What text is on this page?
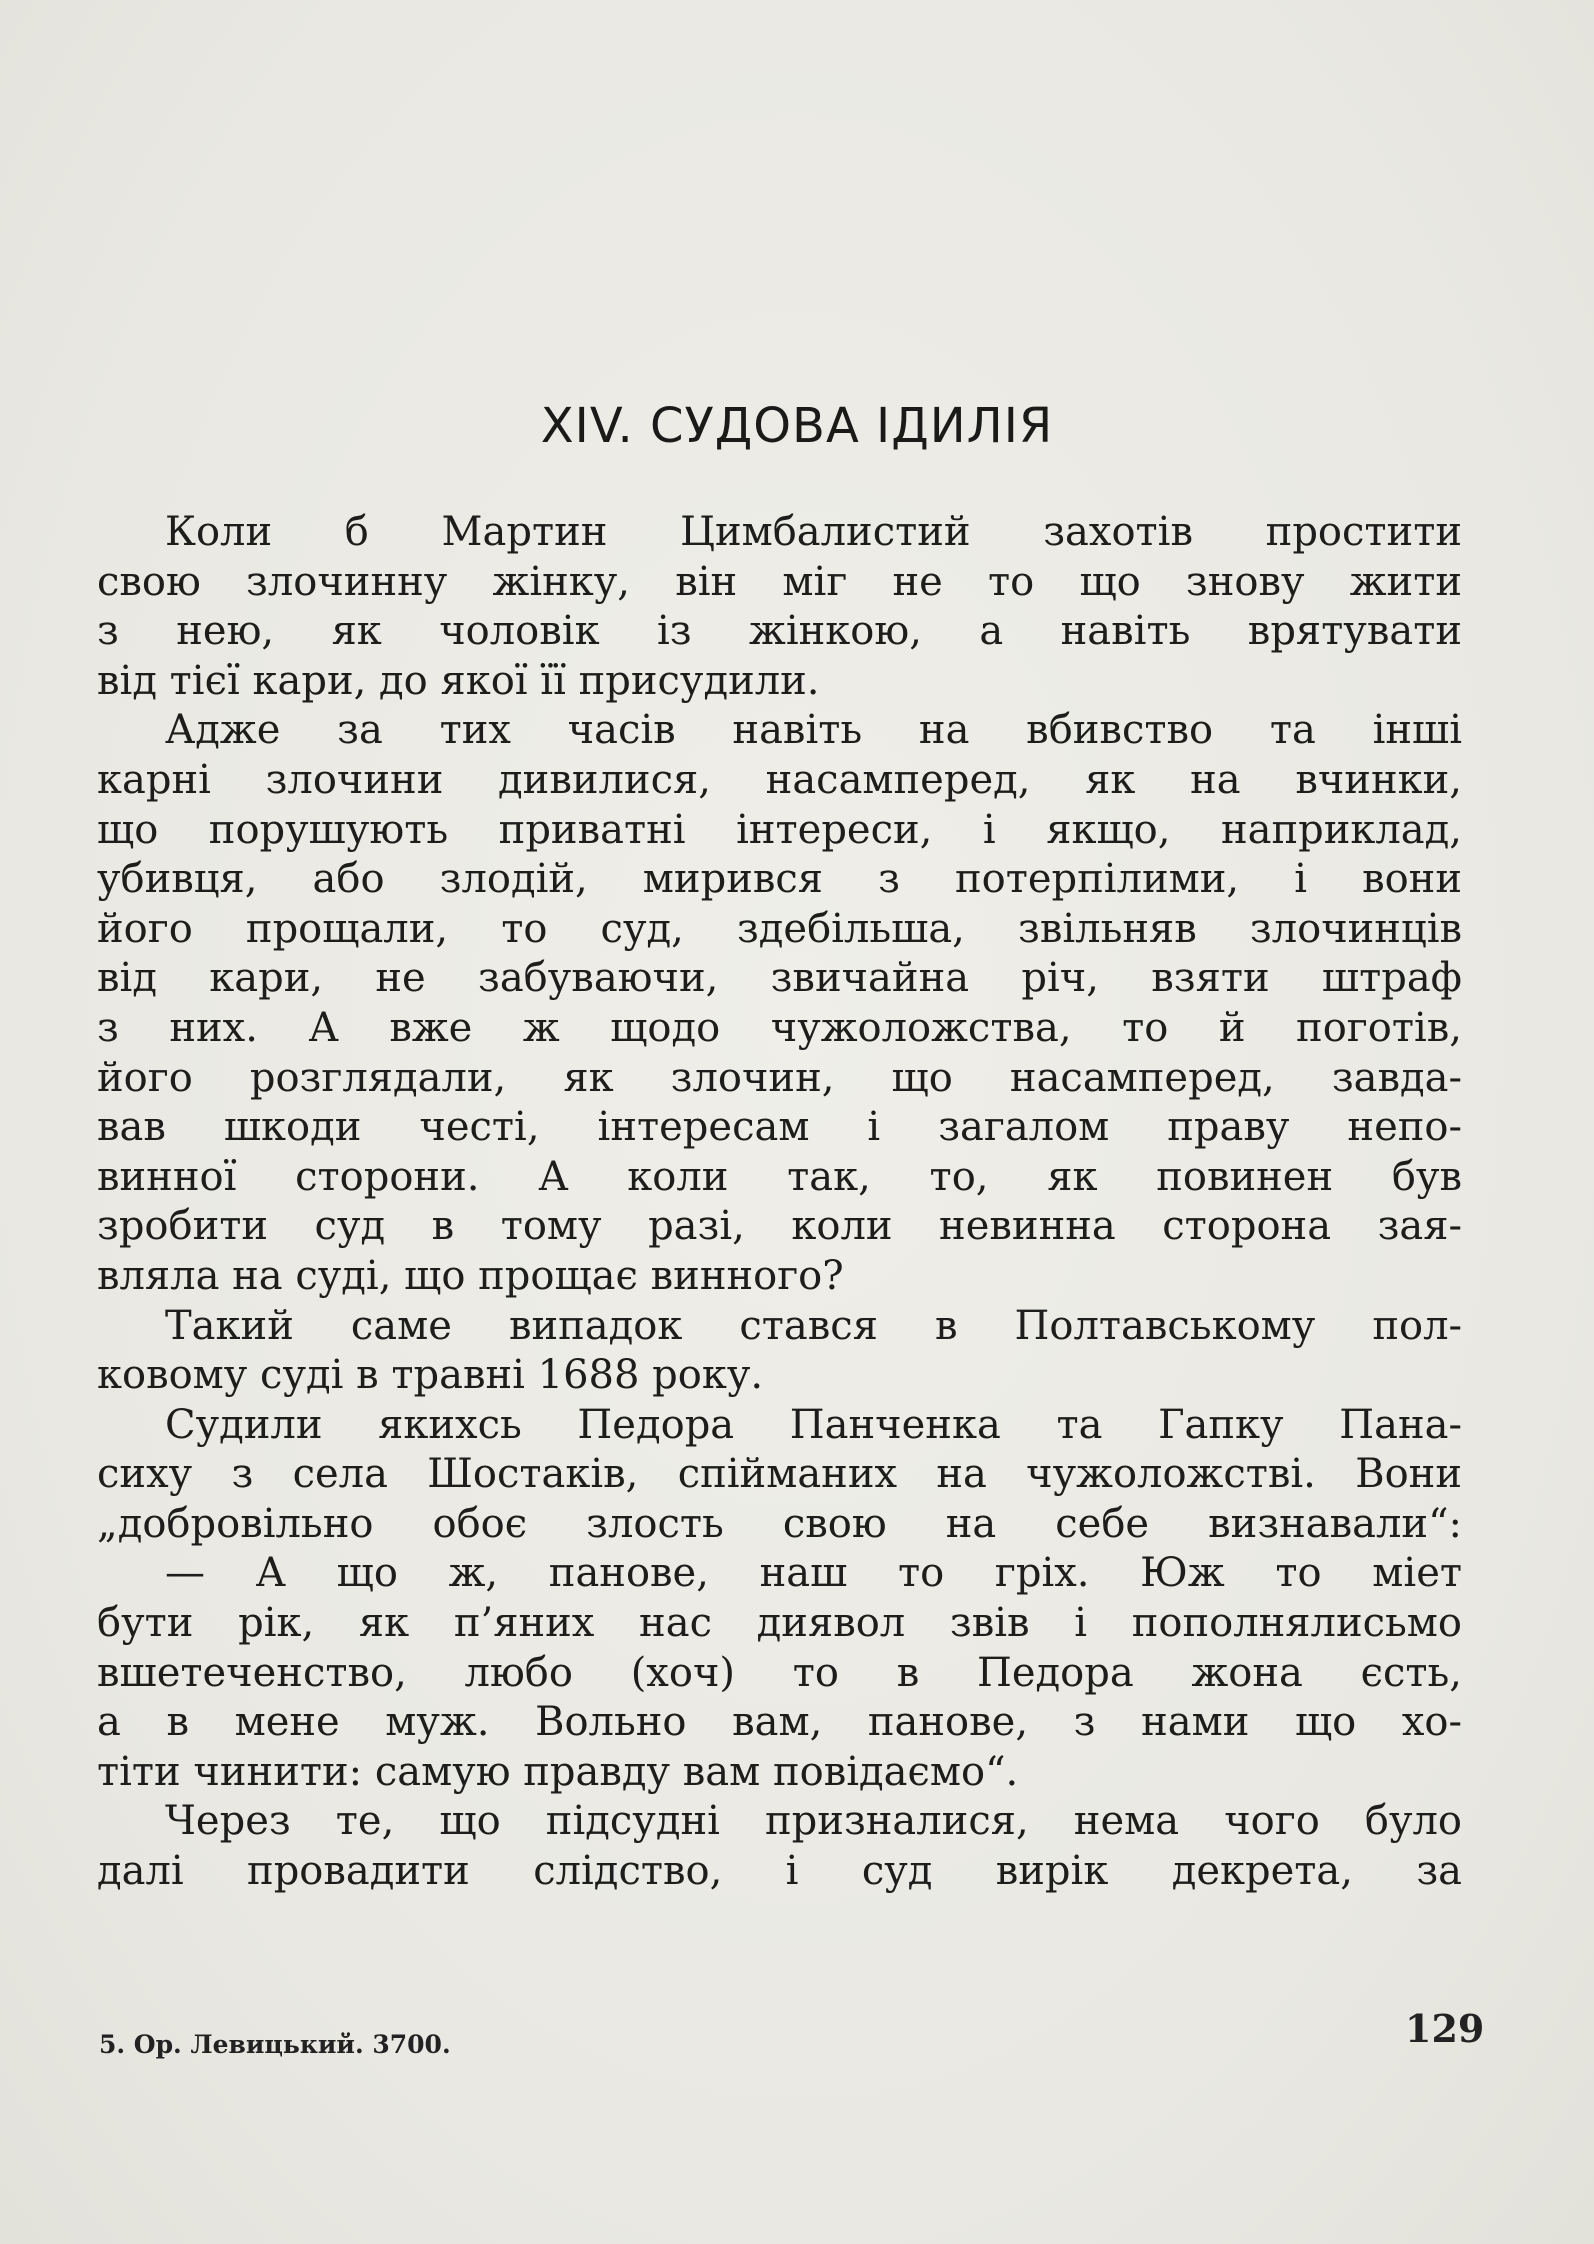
XIV. СУДОВА ІДИЛІЯ
Коли б Мартин Цимбалистий захотів простити
свою злочинну жінку, він міг не то що знову жити
з нею, як чоловік із жінкою, а навіть врятувати
від тієї кари, до якої її присудили.
Адже за тих часів навіть на вбивство та інші
карні злочини дивилися, насамперед, як на вчинки,
що порушують приватні інтереси, і якщо, наприклад,
убивця, або злодій, мирився з потерпілими, і вони
його прощали, то суд, здебільша, звільняв злочинців
від кари, не забуваючи, звичайна річ, взяти штраф
з них. А вже ж щодо чужоложства, то й поготів,
його розглядали, як злочин, що насамперед, завда-
вав шкоди честі, інтересам і загалом праву непо-
винної сторони. А коли так, то, як повинен був
зробити суд в тому разі, коли невинна сторона зая-
вляла на суді, що прощає винного?
Такий саме випадок стався в Полтавському пол-
ковому суді в травні 1688 року.
Судили якихсь Педора Панченка та Гапку Пана-
сиху з села Шостаків, спійманих на чужоложстві. Вони
„добровільно обоє злость свою на себе визнавали“:
— А що ж, панове, наш то гріх. Юж то міет
бути рік, як п’яних нас диявол звів і пополнялисьмо
вшетеченство, любо (хоч) то в Педора жона єсть,
а в мене муж. Вольно вам, панове, з нами що хо-
тіти чинити: самую правду вам повідаємо“.
Через те, що підсудні призналися, нема чого було
далі провадити слідство, і суд вирік декрета, за
5. Ор. Левицький. 3700.	129
